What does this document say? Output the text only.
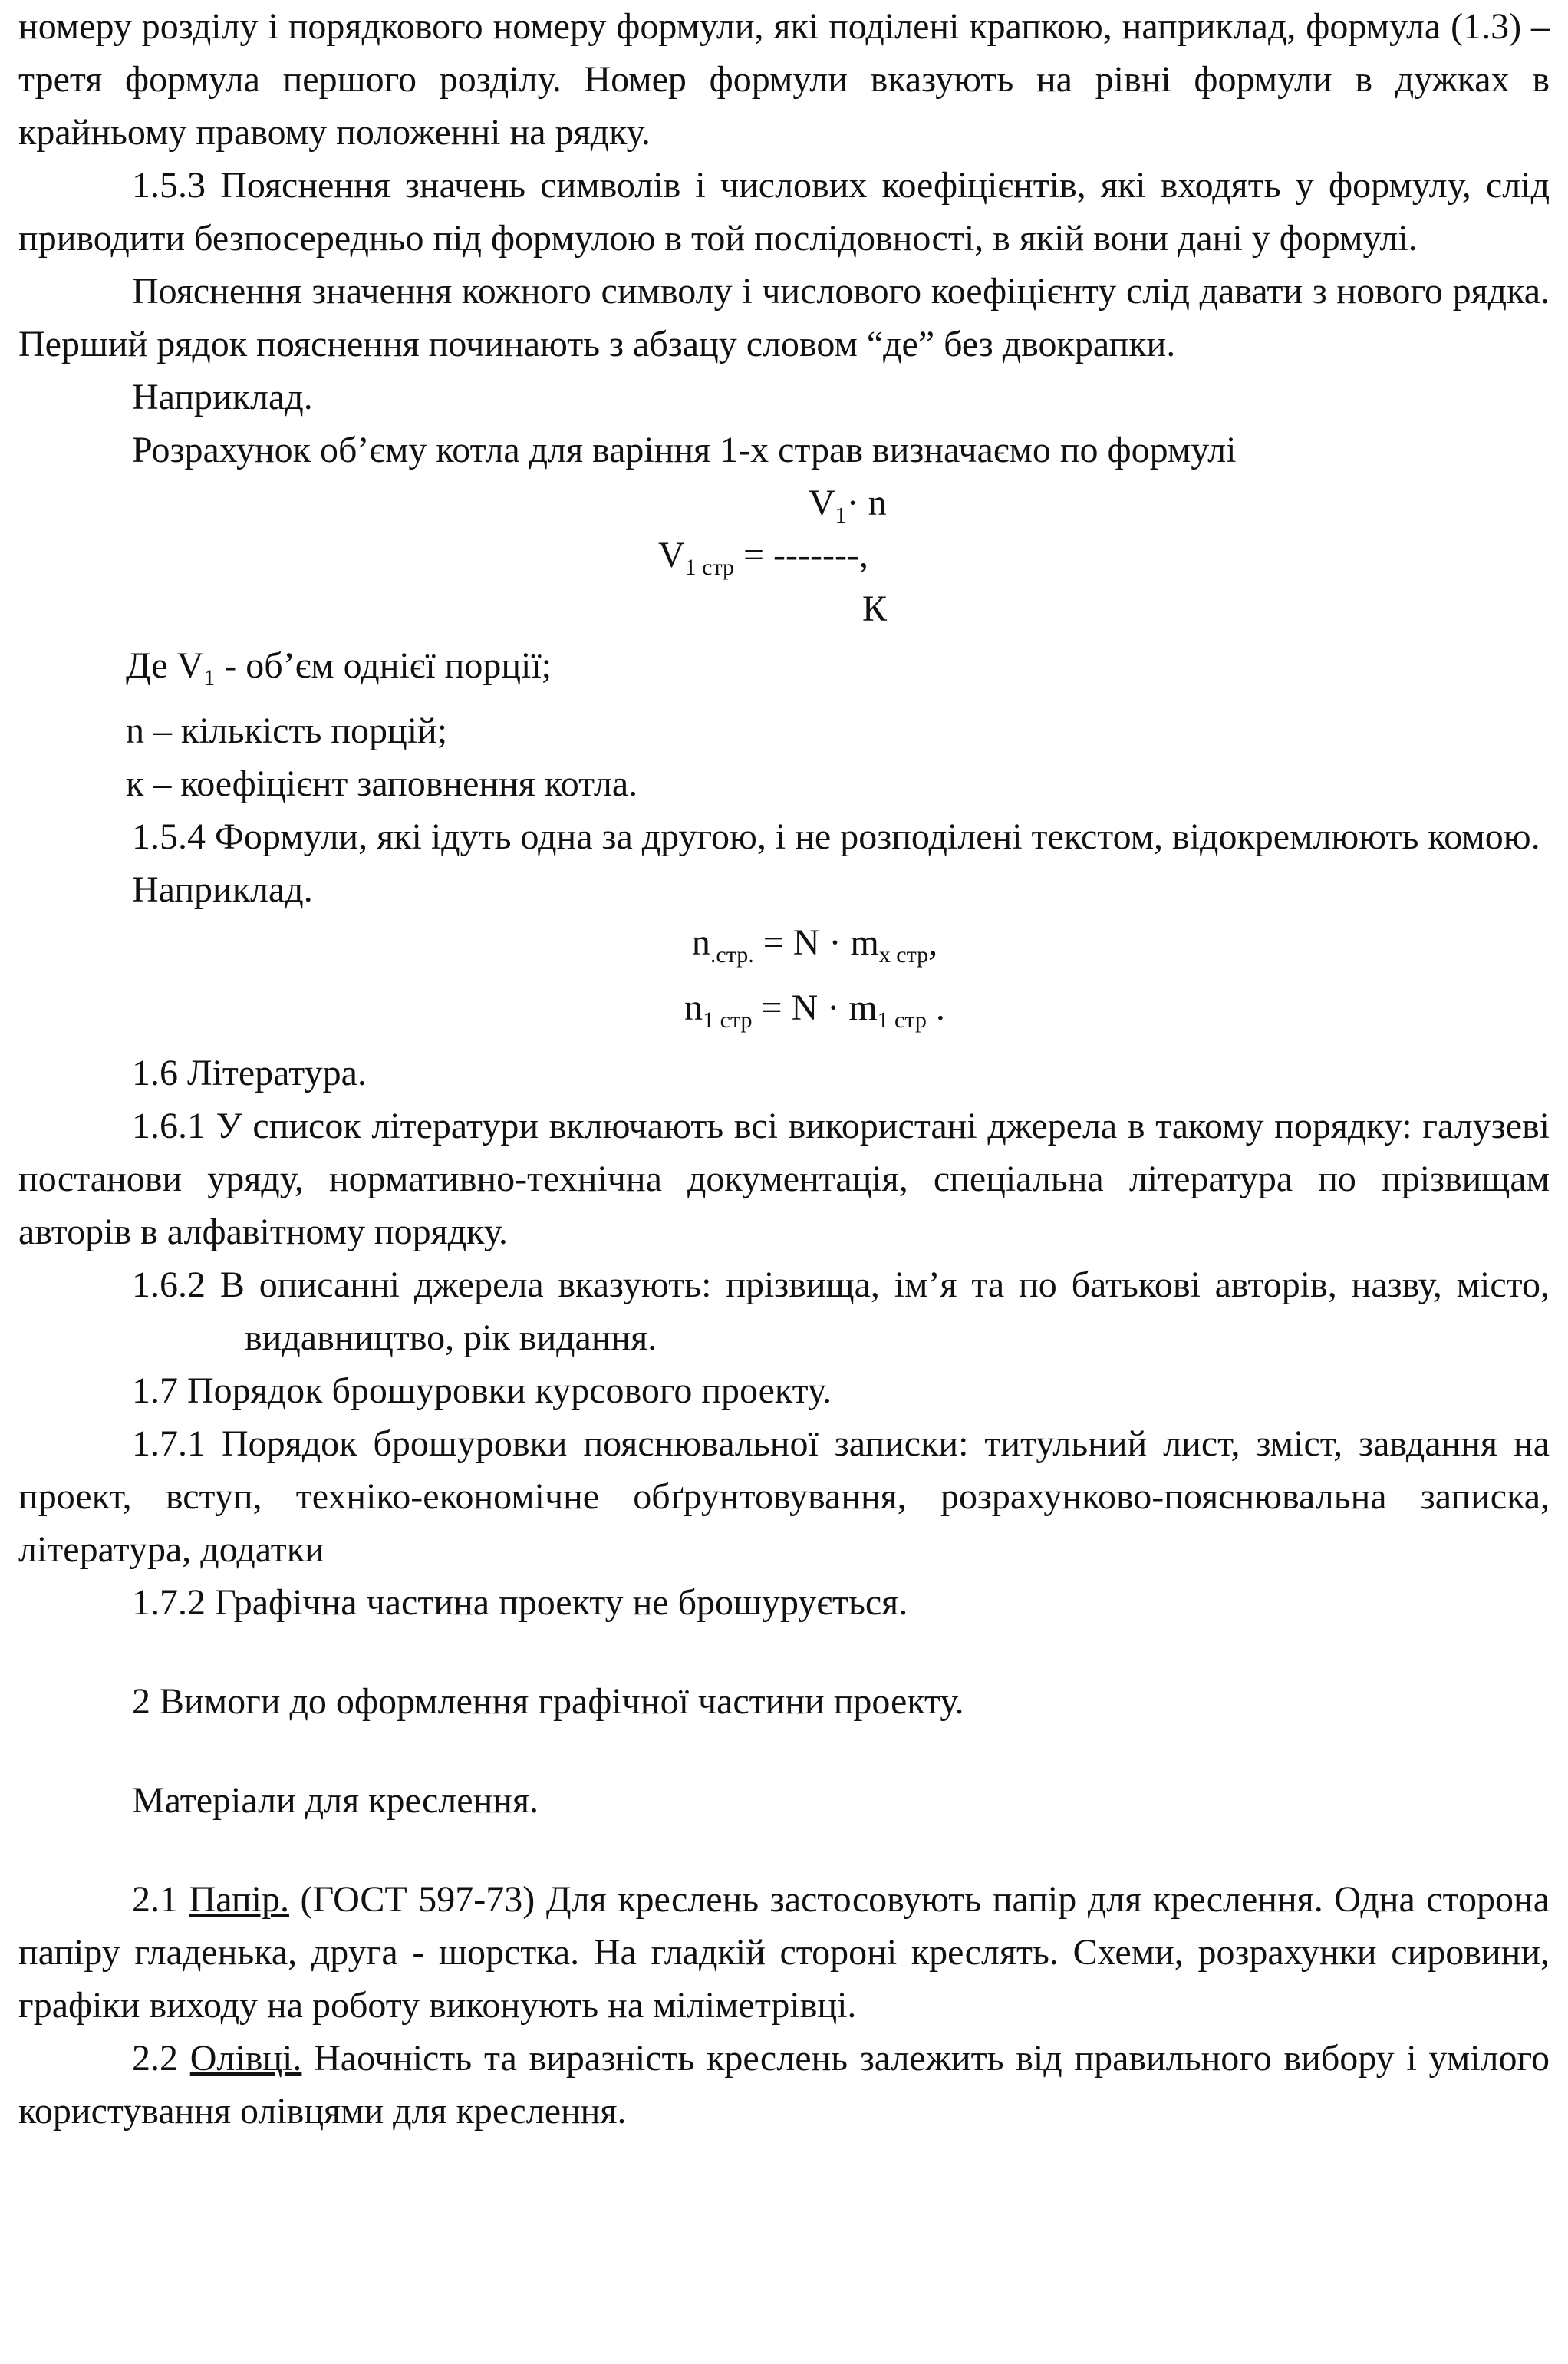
номеру розділу і порядкового номеру формули, які поділені крапкою, наприклад, формула (1.3) – третя формула першого розділу. Номер формули вказують на рівні формули в дужках в крайньому правому положенні на рядку.

1.5.3 Пояснення значень символів і числових коефіцієнтів, які входять у формулу, слід приводити безпосередньо під формулою в той послідовності, в якій вони дані у формулі.

Пояснення значення кожного символу і числового коефіцієнту слід давати з нового рядка. Перший рядок пояснення починають з абзацу словом “де” без двокрапки.

Наприклад.

Розрахунок об’єму котла для варіння 1-х страв визначаємо по формулі

$V_1\cdot n$
$V_{1 стр}$ = -------,
К

Де $V_1$ - об’єм однієї порції;

n – кількість порцій;

к – коефіцієнт заповнення котла.

1.5.4 Формули, які ідуть одна за другою, і не розподілені текстом, відокремлюють комою.

Наприклад.

$n_{.стр.} = N \cdot m_{x стр}$,

$n_{1 стр} = N \cdot m_{1 стр}$ .

1.6 Література.

1.6.1 У список літератури включають всі використані джерела в такому порядку: галузеві постанови уряду, нормативно-технічна документація, спеціальна література по прізвищам авторів в алфавітному порядку.

1.6.2 В описанні джерела вказують: прізвища, ім’я та по батькові авторів, назву, місто, видавництво, рік видання.

1.7 Порядок брошуровки курсового проекту.

1.7.1 Порядок брошуровки пояснювальної записки: титульний лист, зміст, завдання на проект, вступ, техніко-економічне обґрунтовування, розрахунково-пояснювальна записка, література, додатки

1.7.2 Графічна частина проекту не брошурується.

2 Вимоги до оформлення графічної частини проекту.

Матеріали для креслення.

2.1 Папір. (ГОСТ 597-73) Для креслень застосовують папір для креслення. Одна сторона папіру гладенька, друга - шорстка. На гладкій стороні креслять. Схеми, розрахунки сировини, графіки виходу на роботу виконують на міліметрівці.

2.2 Олівці. Наочність та виразність креслень залежить від правильного вибору і умілого користування олівцями для креслення.
